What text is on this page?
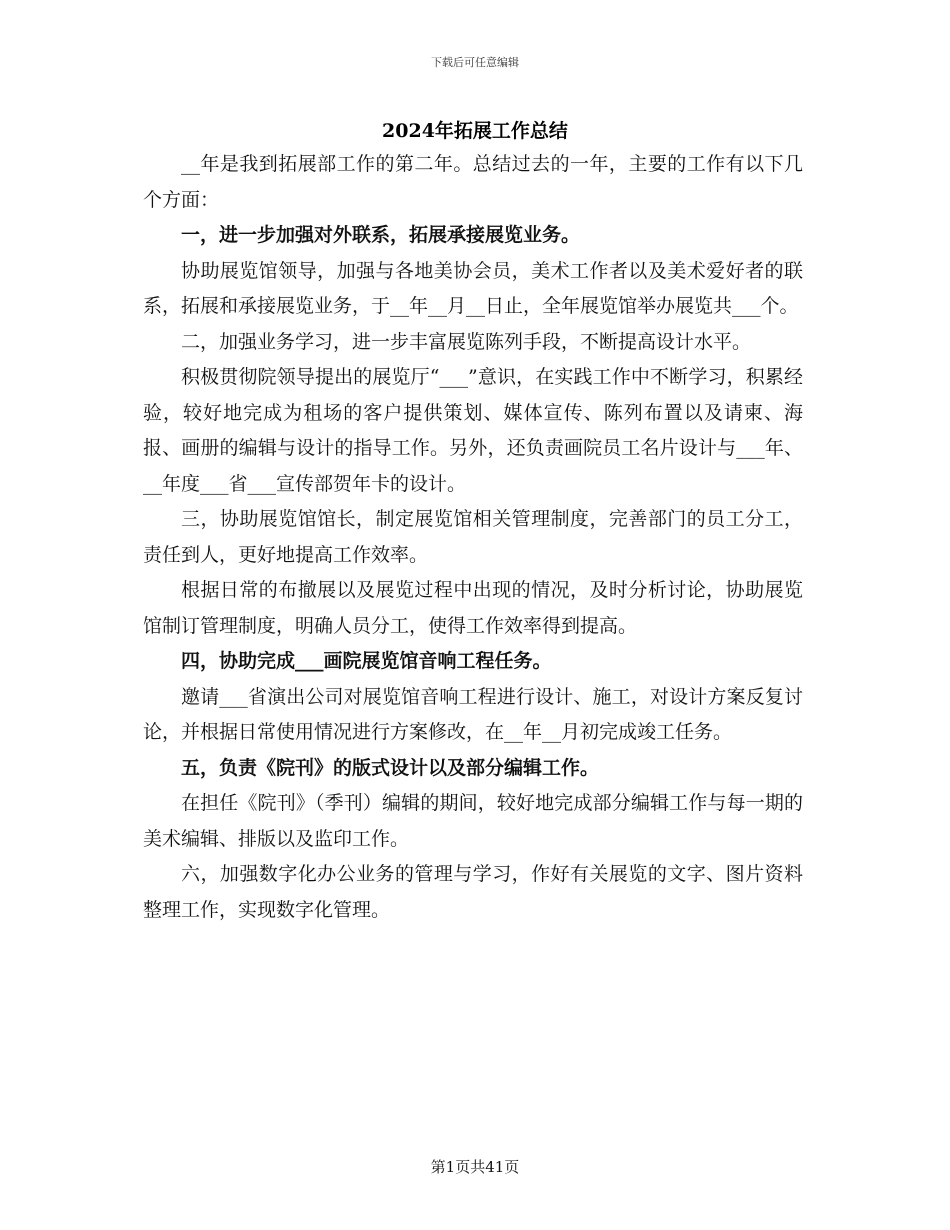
下载后可任意编辑
2024年拓展工作总结

__年是我到拓展部工作的第二年。总结过去的一年，主要的工作有以下几个方面：

一，进一步加强对外联系，拓展承接展览业务。

协助展览馆领导，加强与各地美协会员，美术工作者以及美术爱好者的联系，拓展和承接展览业务，于__年__月__日止，全年展览馆举办展览共___个。

二，加强业务学习，进一步丰富展览陈列手段，不断提高设计水平。

积极贯彻院领导提出的展览厅“___”意识，在实践工作中不断学习，积累经验，较好地完成为租场的客户提供策划、媒体宣传、陈列布置以及请柬、海报、画册的编辑与设计的指导工作。另外，还负责画院员工名片设计与___年、__年度___省___宣传部贺年卡的设计。

三，协助展览馆馆长，制定展览馆相关管理制度，完善部门的员工分工，责任到人，更好地提高工作效率。

根据日常的布撤展以及展览过程中出现的情况，及时分析讨论，协助展览馆制订管理制度，明确人员分工，使得工作效率得到提高。

四，协助完成___画院展览馆音响工程任务。

邀请___省演出公司对展览馆音响工程进行设计、施工，对设计方案反复讨论，并根据日常使用情况进行方案修改，在__年__月初完成竣工任务。

五，负责《院刊》的版式设计以及部分编辑工作。

在担任《院刊》（季刊）编辑的期间，较好地完成部分编辑工作与每一期的美术编辑、排版以及监印工作。

六，加强数字化办公业务的管理与学习，作好有关展览的文字、图片资料整理工作，实现数字化管理。

第1页共41页
